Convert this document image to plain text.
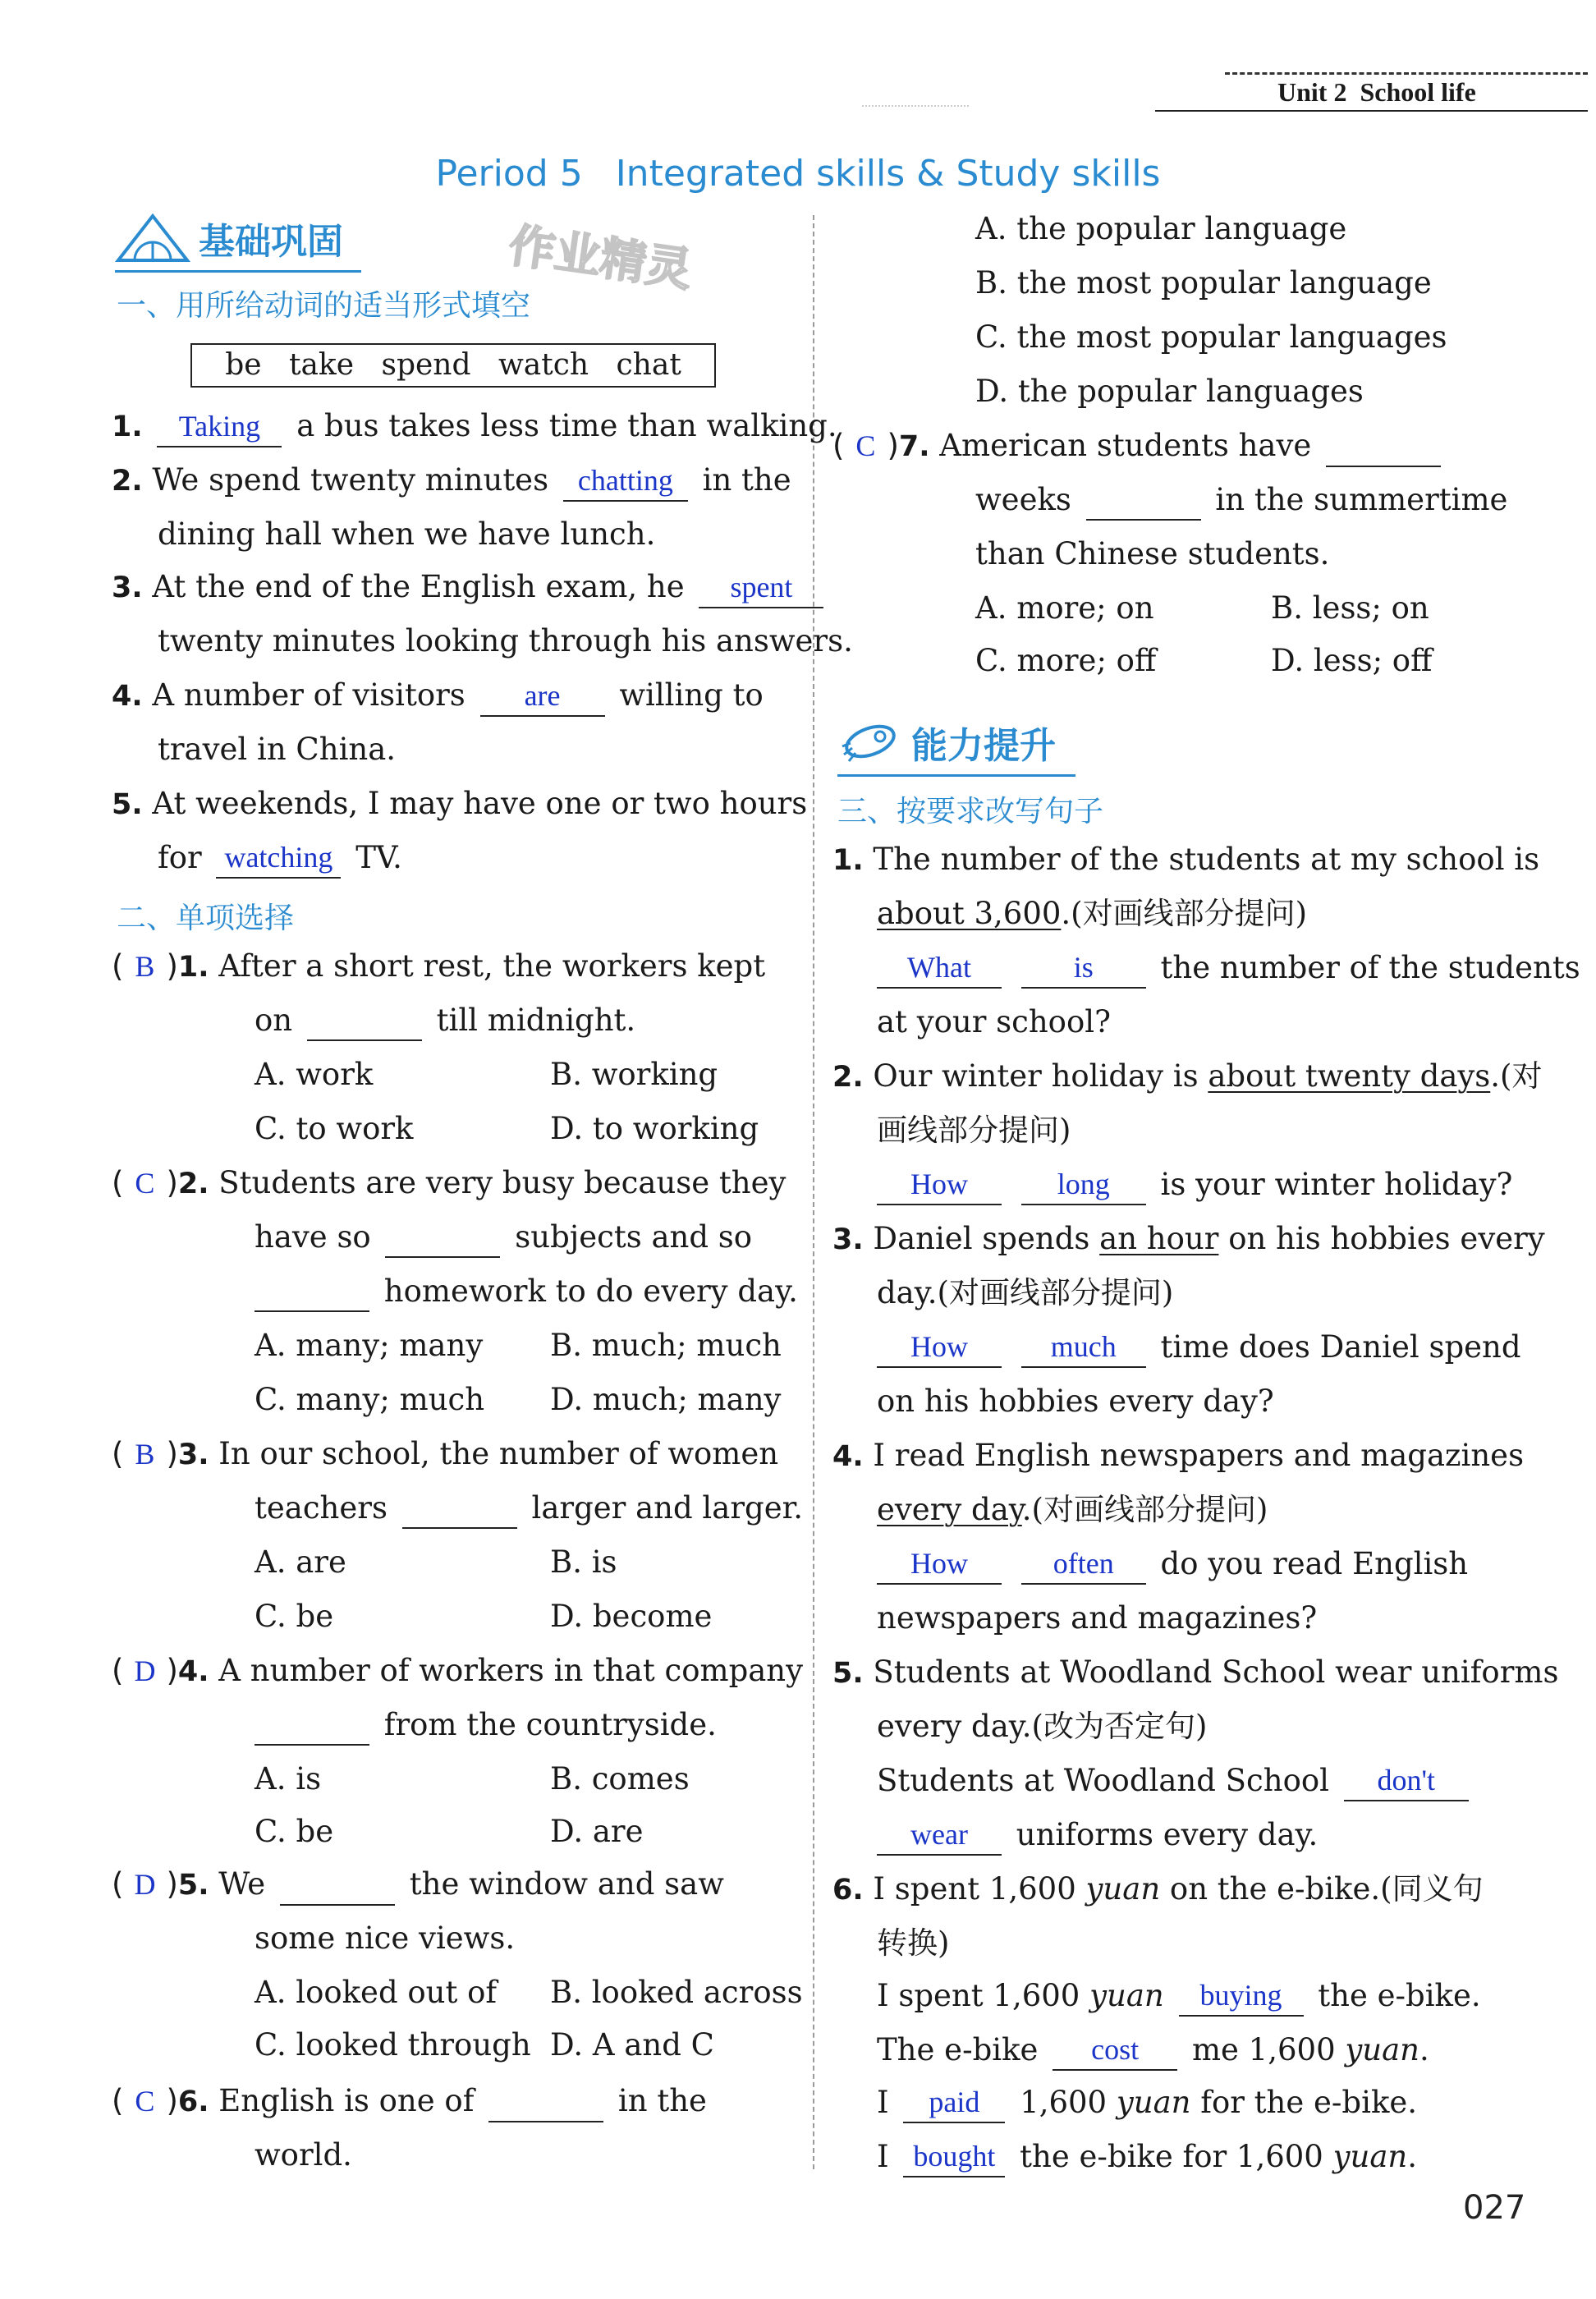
Unit 2 School life
Period 5 Integrated skills & Study skills
作业精灵
基础巩固
一、用所给动词的适当形式填空
be take spend watch chat
1.	Taking	a bus takes less time than walking.
2. We spend twenty minutes chatting in the
dining hall when we have lunch.
3. At the end of the English exam, he	spent
twenty minutes looking through his answers.
4. A number of visitors	are	willing to
travel in China.
5. At weekends, I may have one or two hours
for watching TV.
二、单项选择
( B )1. After a short rest, the workers kept
on	till midnight.
A. work	B. working
C. to work	D. to working
( C )2. Students are very busy because they
have so	subjects and so
homework to do every day.
A. many; many B. much; much
C. many; much D. much; many
( B )3. In our school, the number of women
teachers	larger and larger.
A. are	B. is
C. be	D. become
( D )4. A number of workers in that company
from the countryside.
A. is	B. comes
C. be	D. are
( D )5. We	the window and saw
some nice views.
A. looked out of B. looked across
C. looked through D. A and C
( C )6. English is one of	in the
world.
A. the popular language
B. the most popular language
C. the most popular languages
D. the popular languages
( C )7. American students have
weeks	in the summertime
than Chinese students.
A. more; on	B. less; on
C. more; off	D. less; off
能力提升
三、按要求改写句子
1. The number of the students at my school is
about 3,600.(对画线部分提问)
What
	is	the number of the students
at your school?
2. Our winter holiday is about twenty days.(对
画线部分提问)
How
	long	is your winter holiday?
3. Daniel spends an hour on his hobbies every
day.(对画线部分提问)
How
	much	time does Daniel spend
on his hobbies every day?
4. I read English newspapers and magazines
every day.(对画线部分提问)
How
	often	do you read English
newspapers and magazines?
5. Students at Woodland School wear uniforms
every day.(改为否定句)
Students at Woodland School	don't
wear	uniforms every day.
6. I spent 1,600 yuan on the e-bike.(同义句
转换)
I spent 1,600 yuan	buying	the e-bike.
The e-bike	cost	me 1,600 yuan.
I	paid	1,600 yuan for the e-bike.
I bought the e-bike for 1,600 yuan.
027
